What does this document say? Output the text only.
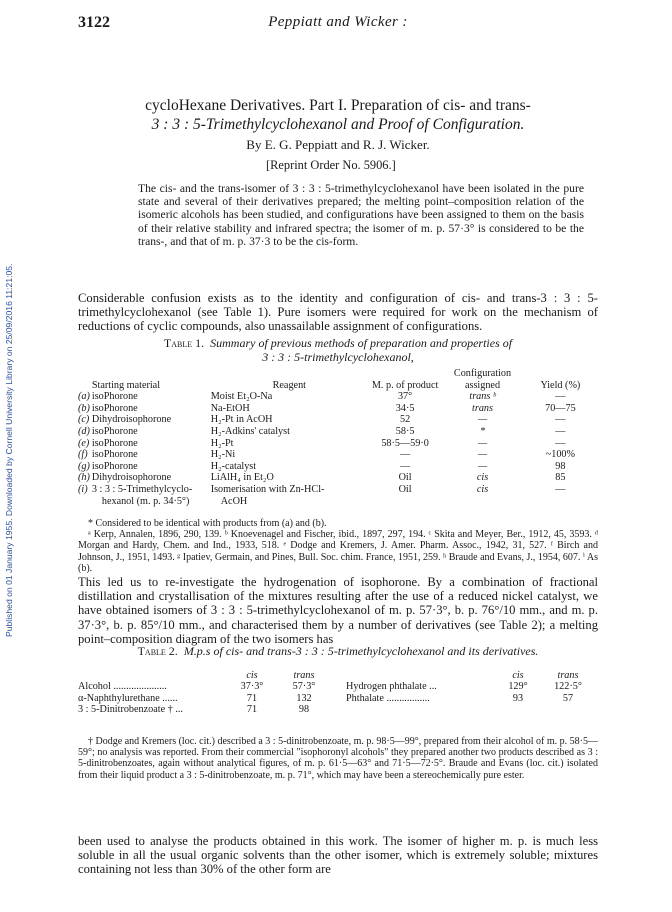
Published on 01 January 1955. Downloaded by Cornell University Library on 25/09/2016 11:21:05.
3122	Peppiatt and Wicker :
cycloHexane Derivatives. Part I. Preparation of cis- and trans-
3 : 3 : 5-Trimethylcyclohexanol and Proof of Configuration.
By E. G. Peppiatt and R. J. Wicker.
[Reprint Order No. 5906.]
The cis- and the trans-isomer of 3 : 3 : 5-trimethylcyclohexanol have been isolated in the pure state and several of their derivatives prepared; the melting point–composition relation of the isomeric alcohols has been studied, and configurations have been assigned to them on the basis of their relative stability and infrared spectra; the isomer of m. p. 57·3° is considered to be the trans-, and that of m. p. 37·3 to be the cis-form.
Considerable confusion exists as to the identity and configuration of cis- and trans-3 : 3 : 5-trimethylcyclohexanol (see Table 1). Pure isomers were required for work on the mechanism of reductions of cyclic compounds, also unassailable assignment of configurations.
Table 1. Summary of previous methods of preparation and properties of
3 : 3 : 5-trimethylcyclohexanol,
	Starting material	Reagent	M. p. of product	Configuration assigned	Yield (%)
(a)	isoPhorone	Moist Et₂O-Na	37°	trans ᵇ	—
(b)	isoPhorone	Na-EtOH	34·5	trans	70—75
(c)	Dihydroisophorone	H₂-Pt in AcOH	52	—	—
(d)	isoPhorone	H₂-Adkins' catalyst	58·5	*	—
(e)	isoPhorone	H₂-Pt	58·5—59·0	—	—
(f)	isoPhorone	H₂-Ni	—	—	~100%
(g)	isoPhorone	H₂-catalyst	—	—	98
(h)	Dihydroisophorone	LiAlH₄ in Et₂O	Oil	cis	85
(i)	3 : 3 : 5-Trimethylcyclo-	Isomerisation with Zn-HCl-	Oil	cis	—
	hexanol (m. p. 34·5°)	AcOH			
* Considered to be identical with products from (a) and (b).
ᵃ Kerp, Annalen, 1896, 290, 139. ᵇ Knoevenagel and Fischer, ibid., 1897, 297, 194. ᶜ Skita and Meyer, Ber., 1912, 45, 3593. ᵈ Morgan and Hardy, Chem. and Ind., 1933, 518. ᵉ Dodge and Kremers, J. Amer. Pharm. Assoc., 1942, 31, 527. ᶠ Birch and Johnson, J., 1951, 1493. ᵍ Ipatiev, Germain, and Pines, Bull. Soc. chim. France, 1951, 259. ʰ Braude and Evans, J., 1954, 607. ⁱ As (b).
This led us to re-investigate the hydrogenation of isophorone. By a combination of fractional distillation and crystallisation of the mixtures resulting after the use of a reduced nickel catalyst, we have obtained isomers of 3 : 3 : 5-trimethylcyclohexanol of m. p. 57·3°, b. p. 76°/10 mm., and m. p. 37·3°, b. p. 85°/10 mm., and characterised them by a number of derivatives (see Table 2); a melting point–composition diagram of the two isomers has
Table 2. M.p.s of cis- and trans-3 : 3 : 5-trimethylcyclohexanol and its derivatives.
	cis	trans
Alcohol .....................	37·3°	57·3°
α-Naphthylurethane ......	71	132
3 : 5-Dinitrobenzoate † ...	71	98
	cis	trans
Hydrogen phthalate ...	129°	122·5°
Phthalate .................	93	57
† Dodge and Kremers (loc. cit.) described a 3 : 5-dinitrobenzoate, m. p. 98·5—99°, prepared from their alcohol of m. p. 58·5—59°; no analysis was reported. From their commercial "isophoronyl alcohols" they prepared another two products described as 3 : 5-dinitrobenzoates, again without analytical figures, of m. p. 61·5—63° and 71·5—72·5°. Braude and Evans (loc. cit.) isolated from their liquid product a 3 : 5-dinitrobenzoate, m. p. 71°, which may have been a stereochemically pure ester.
been used to analyse the products obtained in this work. The isomer of higher m. p. is much less soluble in all the usual organic solvents than the other isomer, which is extremely soluble; mixtures containing not less than 30% of the other form are
